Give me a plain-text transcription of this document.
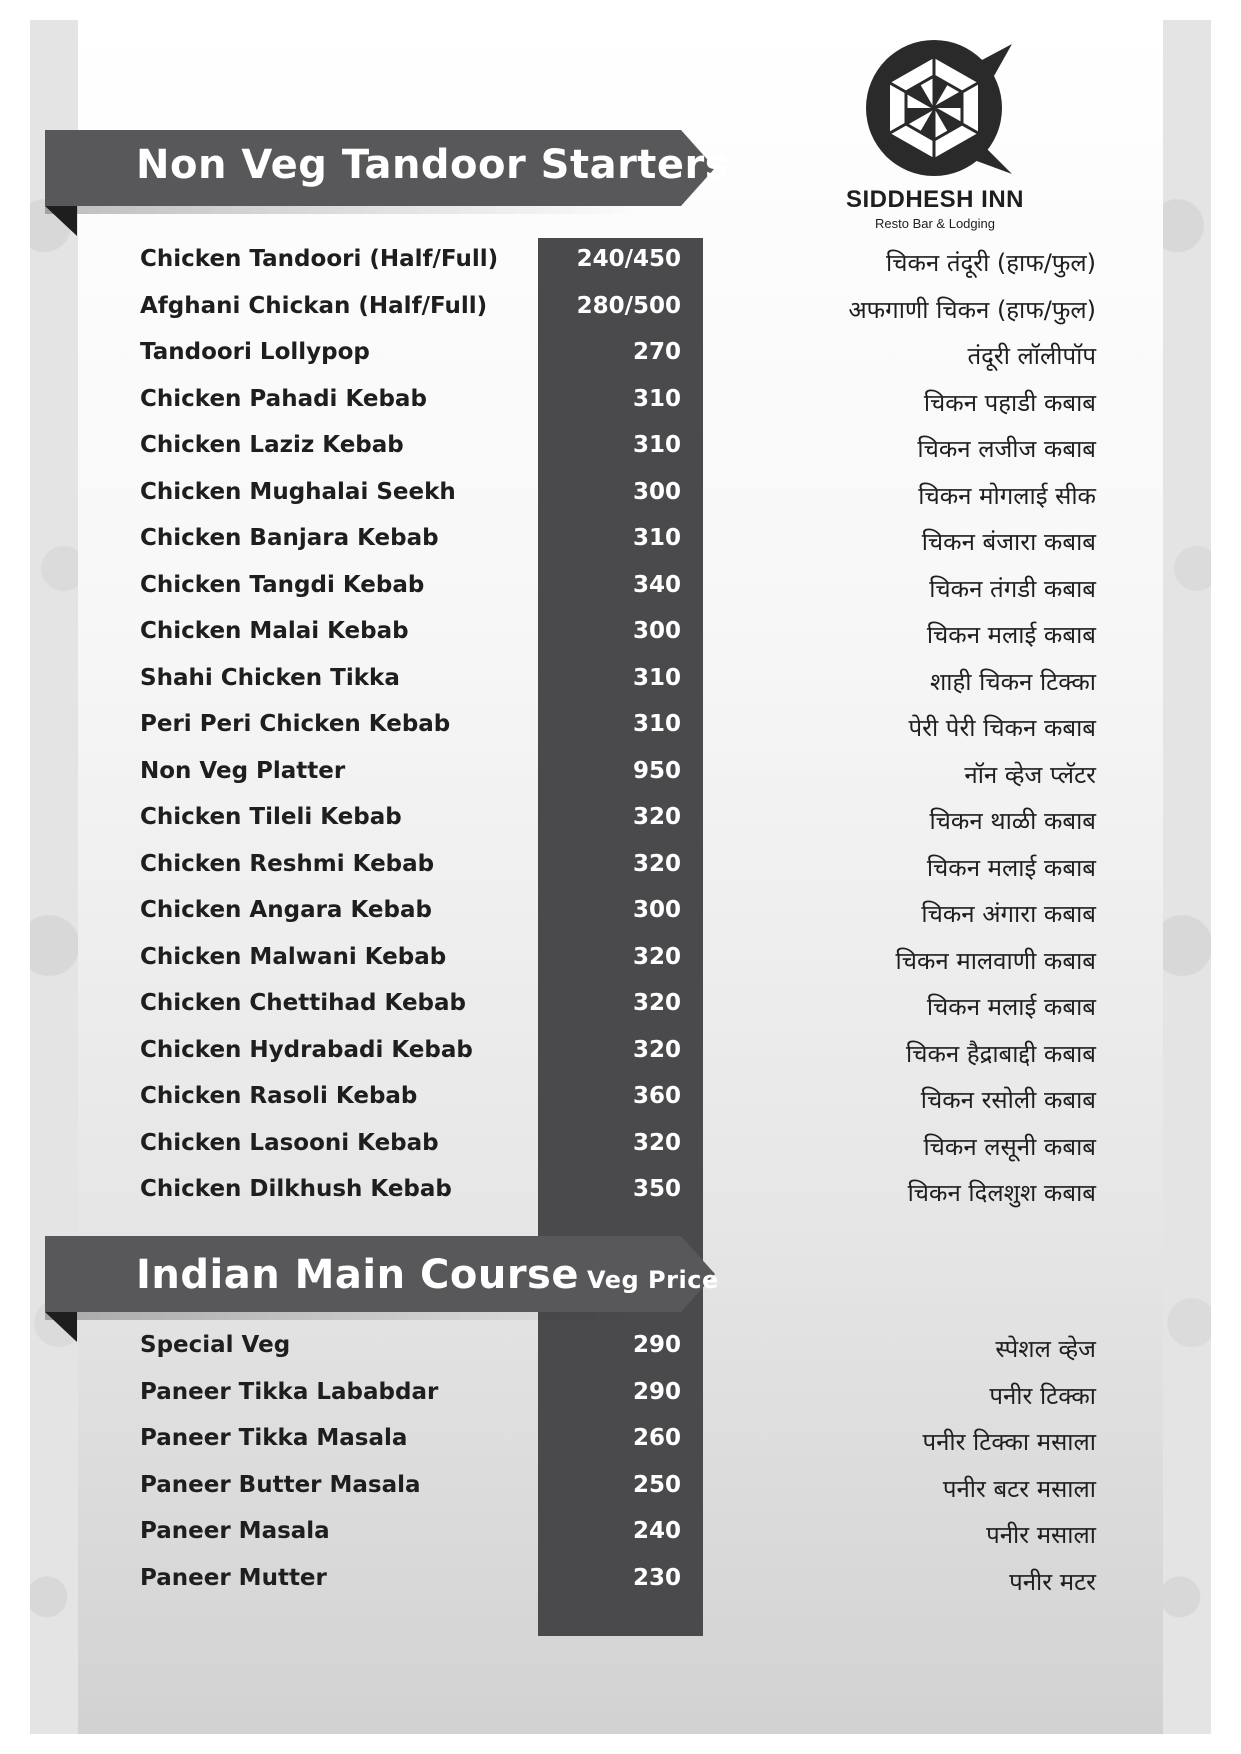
SIDDHESH INN
Resto Bar & Lodging
Non Veg Tandoor Starters
Indian Main Course Veg Price
Chicken Tandoori (Half/Full)	240/450	चिकन तंदूरी (हाफ/फुल)
Afghani Chickan (Half/Full)	280/500	अफगाणी चिकन (हाफ/फुल)
Tandoori Lollypop	270	तंदूरी लॉलीपॉप
Chicken Pahadi Kebab	310	चिकन पहाडी कबाब
Chicken Laziz Kebab	310	चिकन लजीज कबाब
Chicken Mughalai Seekh	300	चिकन मोगलाई सीक
Chicken Banjara Kebab	310	चिकन बंजारा कबाब
Chicken Tangdi Kebab	340	चिकन तंगडी कबाब
Chicken Malai Kebab	300	चिकन मलाई कबाब
Shahi Chicken Tikka	310	शाही चिकन टिक्का
Peri Peri Chicken Kebab	310	पेरी पेरी चिकन कबाब
Non Veg Platter	950	नॉन व्हेज प्लॅटर
Chicken Tileli Kebab	320	चिकन थाळी कबाब
Chicken Reshmi Kebab	320	चिकन मलाई कबाब
Chicken Angara Kebab	300	चिकन अंगारा कबाब
Chicken Malwani Kebab	320	चिकन मालवाणी कबाब
Chicken Chettihad Kebab	320	चिकन मलाई कबाब
Chicken Hydrabadi Kebab	320	चिकन हैद्राबाद्दी कबाब
Chicken Rasoli Kebab	360	चिकन रसोली कबाब
Chicken Lasooni Kebab	320	चिकन लसूनी कबाब
Chicken Dilkhush Kebab	350	चिकन दिलशुश कबाब
Special Veg	290	स्पेशल व्हेज
Paneer Tikka Lababdar	290	पनीर टिक्का
Paneer Tikka Masala	260	पनीर टिक्का मसाला
Paneer Butter Masala	250	पनीर बटर मसाला
Paneer Masala	240	पनीर मसाला
Paneer Mutter	230	पनीर मटर
